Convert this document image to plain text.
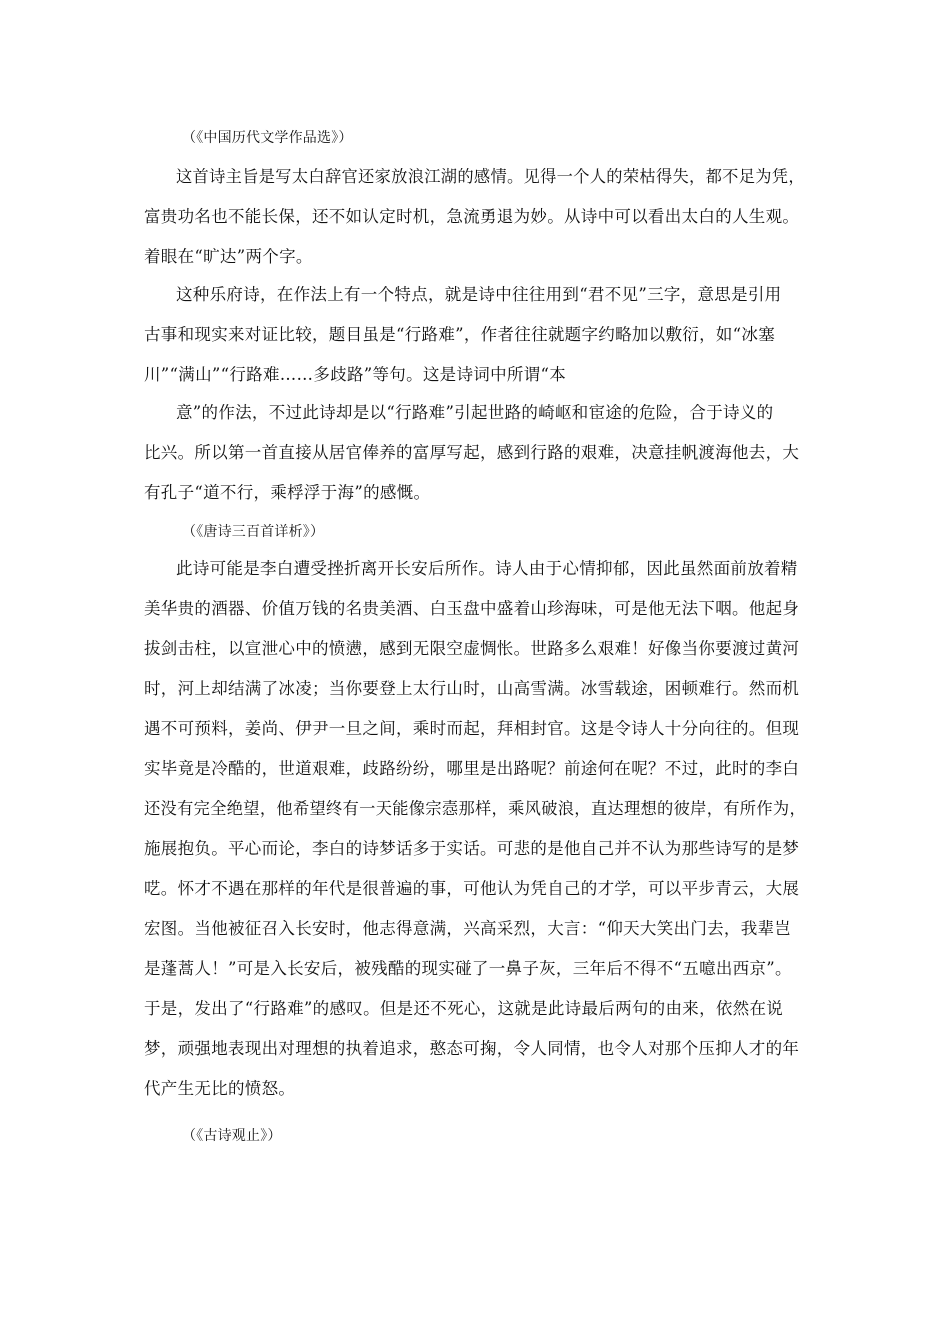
（《中国历代文学作品选》）
这首诗主旨是写太白辞官还家放浪江湖的感情。见得一个人的荣枯得失，都不足为凭，
富贵功名也不能长保，还不如认定时机，急流勇退为妙。从诗中可以看出太白的人生观。
着眼在“旷达”两个字。
这种乐府诗，在作法上有一个特点，就是诗中往往用到“君不见”三字，意思是引用
古事和现实来对证比较，题目虽是“行路难”，作者往往就题字约略加以敷衍，如“冰塞
川”“满山”“行路难……多歧路”等句。这是诗词中所谓“本
意”的作法，不过此诗却是以“行路难”引起世路的崎岖和宦途的危险，合于诗义的
比兴。所以第一首直接从居官俸养的富厚写起，感到行路的艰难，决意挂帆渡海他去，大
有孔子“道不行，乘桴浮于海”的感慨。
（《唐诗三百首详析》）
此诗可能是李白遭受挫折离开长安后所作。诗人由于心情抑郁，因此虽然面前放着精
美华贵的酒器、价值万钱的名贵美酒、白玉盘中盛着山珍海味，可是他无法下咽。他起身
拔剑击柱，以宣泄心中的愤懑，感到无限空虚惆怅。世路多么艰难！好像当你要渡过黄河
时，河上却结满了冰凌；当你要登上太行山时，山高雪满。冰雪载途，困顿难行。然而机
遇不可预料，姜尚、伊尹一旦之间，乘时而起，拜相封官。这是令诗人十分向往的。但现
实毕竟是冷酷的，世道艰难，歧路纷纷，哪里是出路呢？前途何在呢？不过，此时的李白
还没有完全绝望，他希望终有一天能像宗悫那样，乘风破浪，直达理想的彼岸，有所作为，
施展抱负。平心而论，李白的诗梦话多于实话。可悲的是他自己并不认为那些诗写的是梦
呓。怀才不遇在那样的年代是很普遍的事，可他认为凭自己的才学，可以平步青云，大展
宏图。当他被征召入长安时，他志得意满，兴高采烈，大言：“仰天大笑出门去，我辈岂
是蓬蒿人！”可是入长安后，被残酷的现实碰了一鼻子灰，三年后不得不“五噫出西京”。
于是，发出了“行路难”的感叹。但是还不死心，这就是此诗最后两句的由来，依然在说
梦，顽强地表现出对理想的执着追求，憨态可掬，令人同情，也令人对那个压抑人才的年
代产生无比的愤怒。
（《古诗观止》）
